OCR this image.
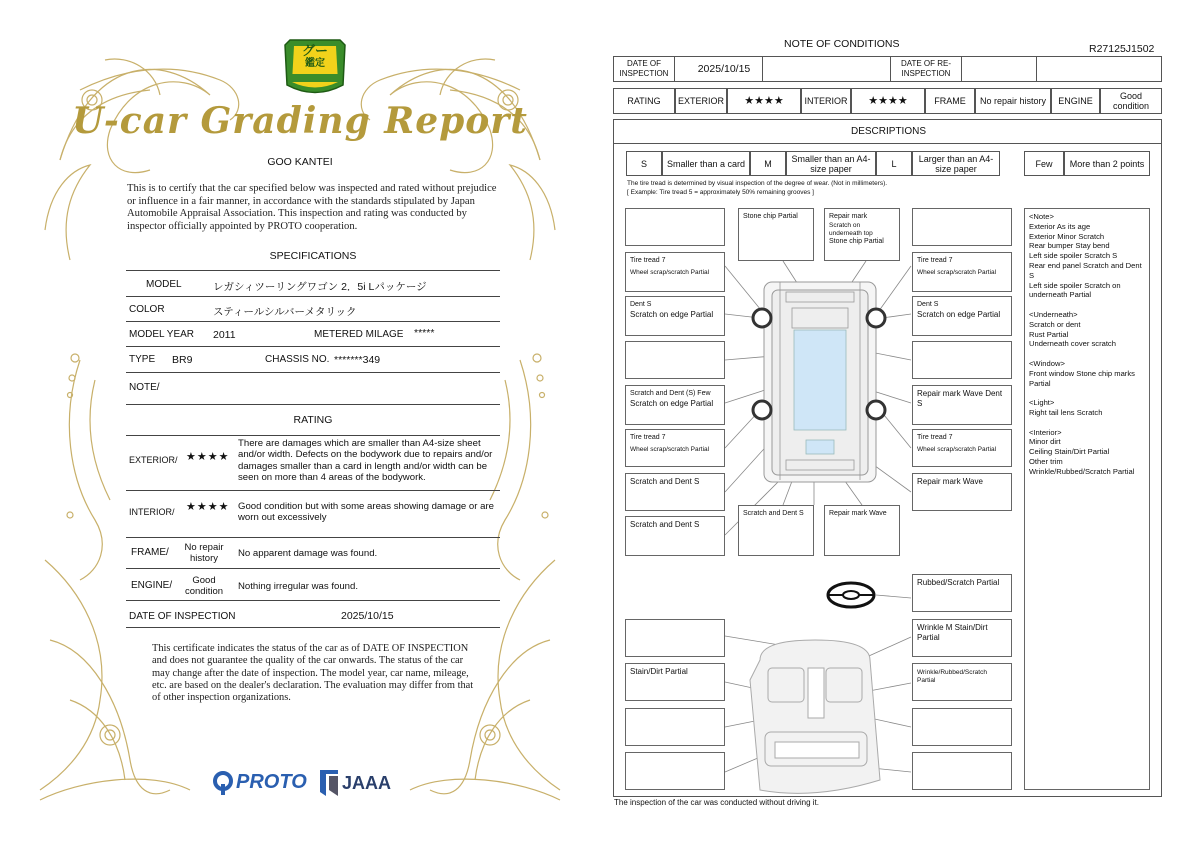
グー
鑑定
U-car Grading Report
GOO KANTEI
This is to certify that the car specified below was inspected and rated without prejudice or influence in a fair manner, in accordance with the standards stipulated by Japan Automobile Appraisal Association. This inspection and rating was conducted by inspector officially appointed by PROTO cooperation.
SPECIFICATIONS
MODEL	レガシィツーリングワゴン 2．5i Lパッケージ
COLOR	スティールシルバーメタリック
MODEL YEAR 2011	METERED MILAGE *****
TYPE BR9	CHASSIS NO. *******349
NOTE/
RATING
EXTERIOR/ ★★★★
There are damages which are smaller than A4-size sheet and/or width. Defects on the bodywork due to repairs and/or damages smaller than a card in length and/or width can be seen on more than 4 areas of the bodywork.
INTERIOR/ ★★★★ Good condition but with some areas showing damage or are worn out excessively
FRAME/	No repair history	No apparent damage was found.
ENGINE/	Good condition	Nothing irregular was found.
DATE OF INSPECTION	2025/10/15
This certificate indicates the status of the car as of DATE OF INSPECTION and does not guarantee the quality of the car onwards. The status of the car may change after the date of inspection. The model year, car name, mileage, etc. are based on the dealer's declaration. The evaluation may differ from that of other inspection organizations.
PROTO JAAA
NOTE OF CONDITIONS	R27125J1502
DATE OF INSPECTION	2025/10/15	DATE OF RE-INSPECTION
RATING	EXTERIOR	★★★★	INTERIOR	★★★★	FRAME	No repair history	ENGINE	Good condition
DESCRIPTIONS
S	Smaller than a card	M	Smaller than an A4-size paper	L	Larger than an A4-size paper	Few	More than 2 points
The tire tread is determined by visual inspection of the degree of wear. (Not in millimeters).
[ Example: Tire tread 5 = approximately 50% remaining grooves ]
Tire tread 7
Wheel scrap/scratch Partial
Dent S
Scratch on edge Partial
Scratch and Dent (S) Few
Scratch on edge Partial
Tire tread 7
Wheel scrap/scratch Partial
Scratch and Dent S
Scratch and Dent S
Stone chip Partial	Repair mark
Scratch on underneath top
Stone chip Partial
Tire tread 7
Wheel scrap/scratch Partial
Dent S
Scratch on edge Partial
Repair mark Wave Dent S
Tire tread 7
Wheel scrap/scratch Partial
Repair mark Wave
Scratch and Dent S	Repair mark Wave
Rubbed/Scratch Partial
Wrinkle M Stain/Dirt Partial
Wrinkle/Rubbed/Scratch Partial
Stain/Dirt Partial
<Note>
Exterior As its age
Exterior Minor Scratch
Rear bumper Stay bend
Left side spoiler Scratch S
Rear end panel Scratch and Dent S
Left side spoiler Scratch on underneath Partial
<Underneath>
Scratch or dent
Rust Partial
Underneath cover scratch
<Window>
Front window Stone chip marks Partial
<Light>
Right tail lens Scratch
<Interior>
Minor dirt
Ceiling Stain/Dirt Partial
Other trim
Wrinkle/Rubbed/Scratch Partial
The inspection of the car was conducted without driving it.
